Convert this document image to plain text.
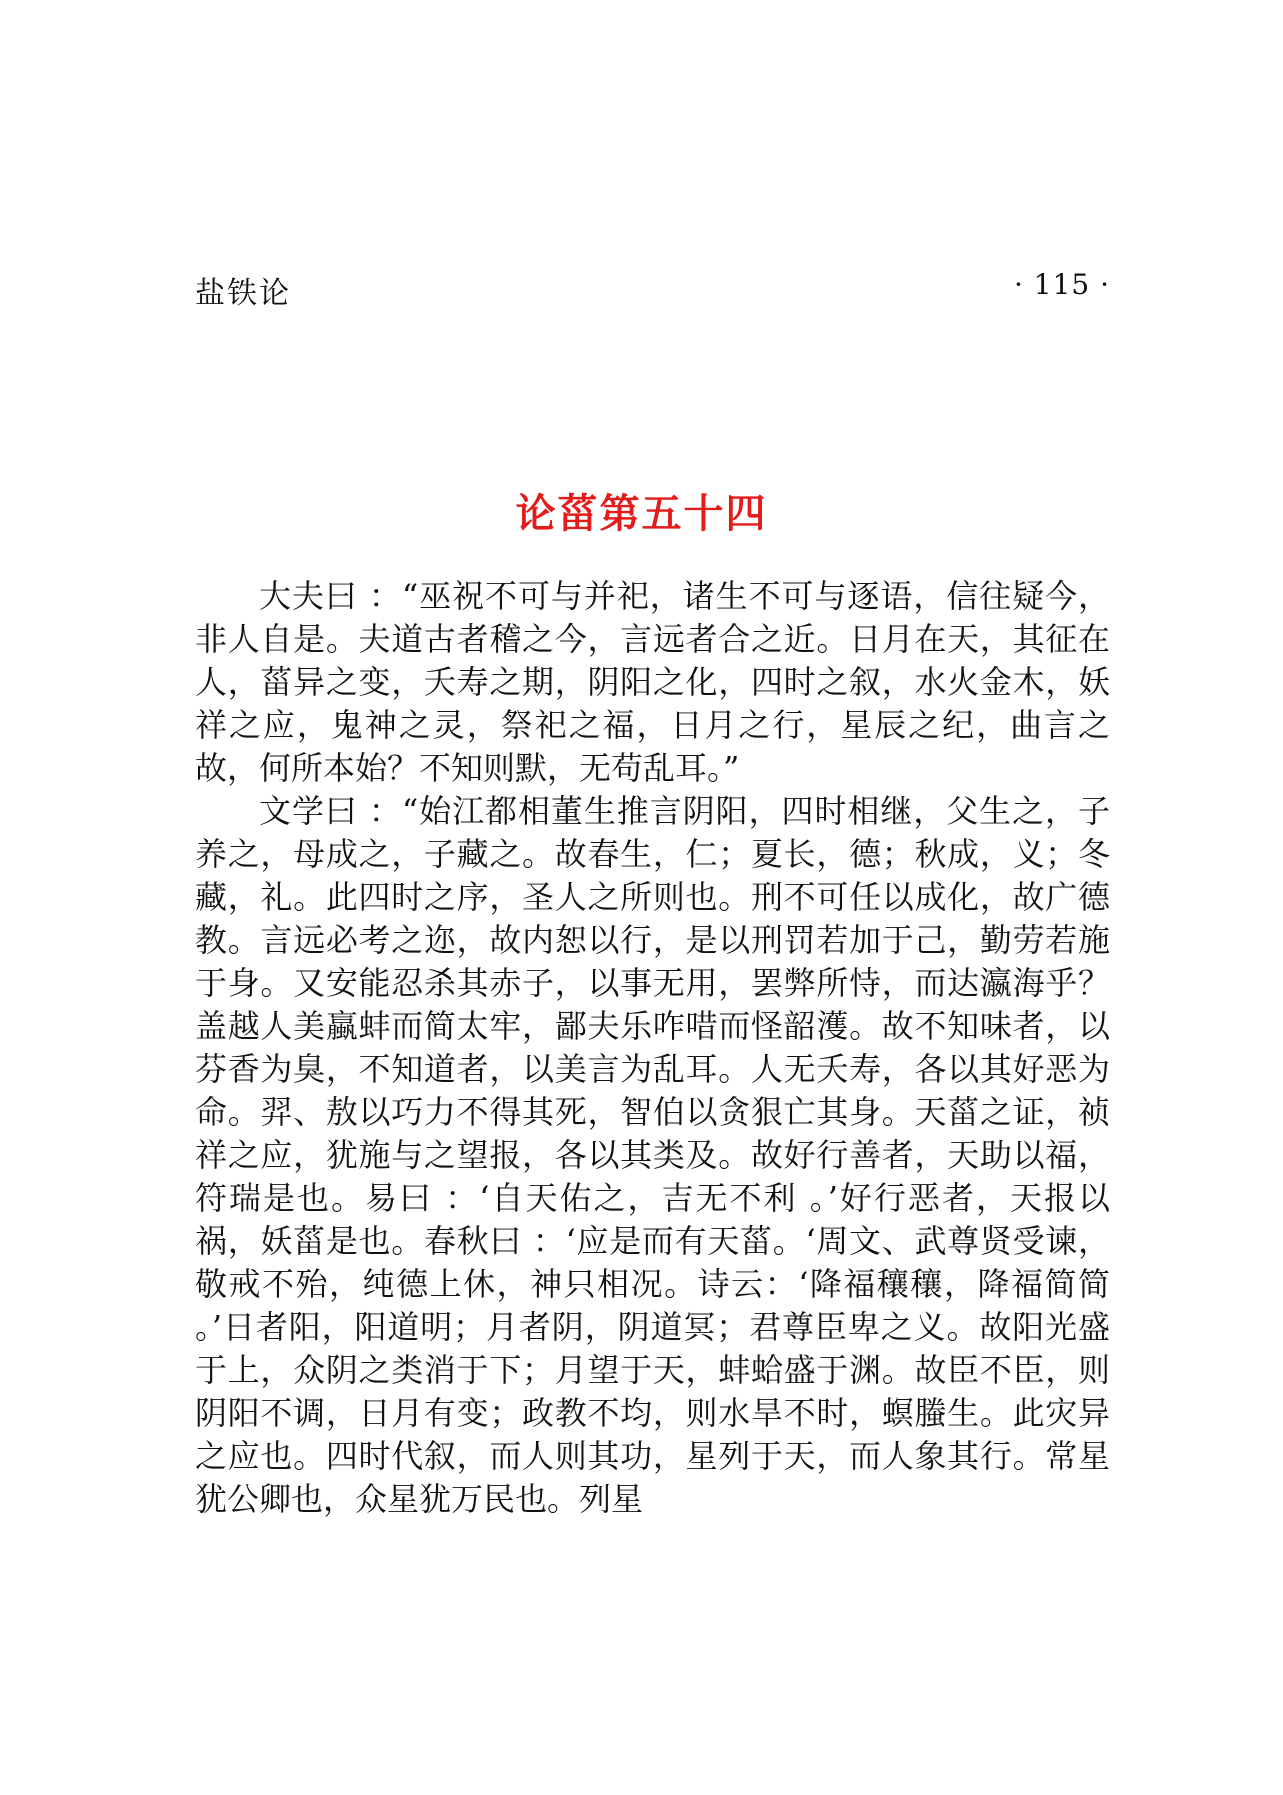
盐铁论	· 115 ·
论菑第五十四

大夫曰 ：“巫祝不可与并祀，诸生不可与逐语，信往疑今，非人自是。夫道古者稽之今，言远者合之近。日月在天，其征在人，菑异之变，夭寿之期，阴阳之化，四时之叙，水火金木，妖祥之应，鬼神之灵，祭祀之福，日月之行，星辰之纪，曲言之故，何所本始？不知则默，无苟乱耳。”

文学曰 ：“始江都相董生推言阴阳，四时相继，父生之，子养之，母成之，子藏之。故春生，仁；夏长，德；秋成，义；冬藏，礼。此四时之序，圣人之所则也。刑不可任以成化，故广德教。言远必考之迩，故内恕以行，是以刑罚若加于己，勤劳若施于身。又安能忍杀其赤子，以事无用，罢弊所恃，而达瀛海乎？盖越人美蠃蚌而简太牢，鄙夫乐咋唶而怪韶濩。故不知味者，以芬香为臭，不知道者，以美言为乱耳。人无夭寿，各以其好恶为命。羿、敖以巧力不得其死，智伯以贪狠亡其身。天菑之证，祯祥之应，犹施与之望报，各以其类及。故好行善者，天助以福，符瑞是也。易曰 ：‘自天佑之，吉无不利 。’好行恶者，天报以祸，妖菑是也。春秋曰 ：‘应是而有天菑。‘周文、武尊贤受谏，敬戒不殆，纯德上休，神只相况。诗云：‘降福穰穰，降福简简 。’日者阳，阳道明；月者阴，阴道冥；君尊臣卑之义。故阳光盛于上，众阴之类消于下；月望于天，蚌蛤盛于渊。故臣不臣，则阴阳不调，日月有变；政教不均，则水旱不时，螟螣生。此灾异之应也。四时代叙，而人则其功，星列于天，而人象其行。常星犹公卿也，众星犹万民也。列星
